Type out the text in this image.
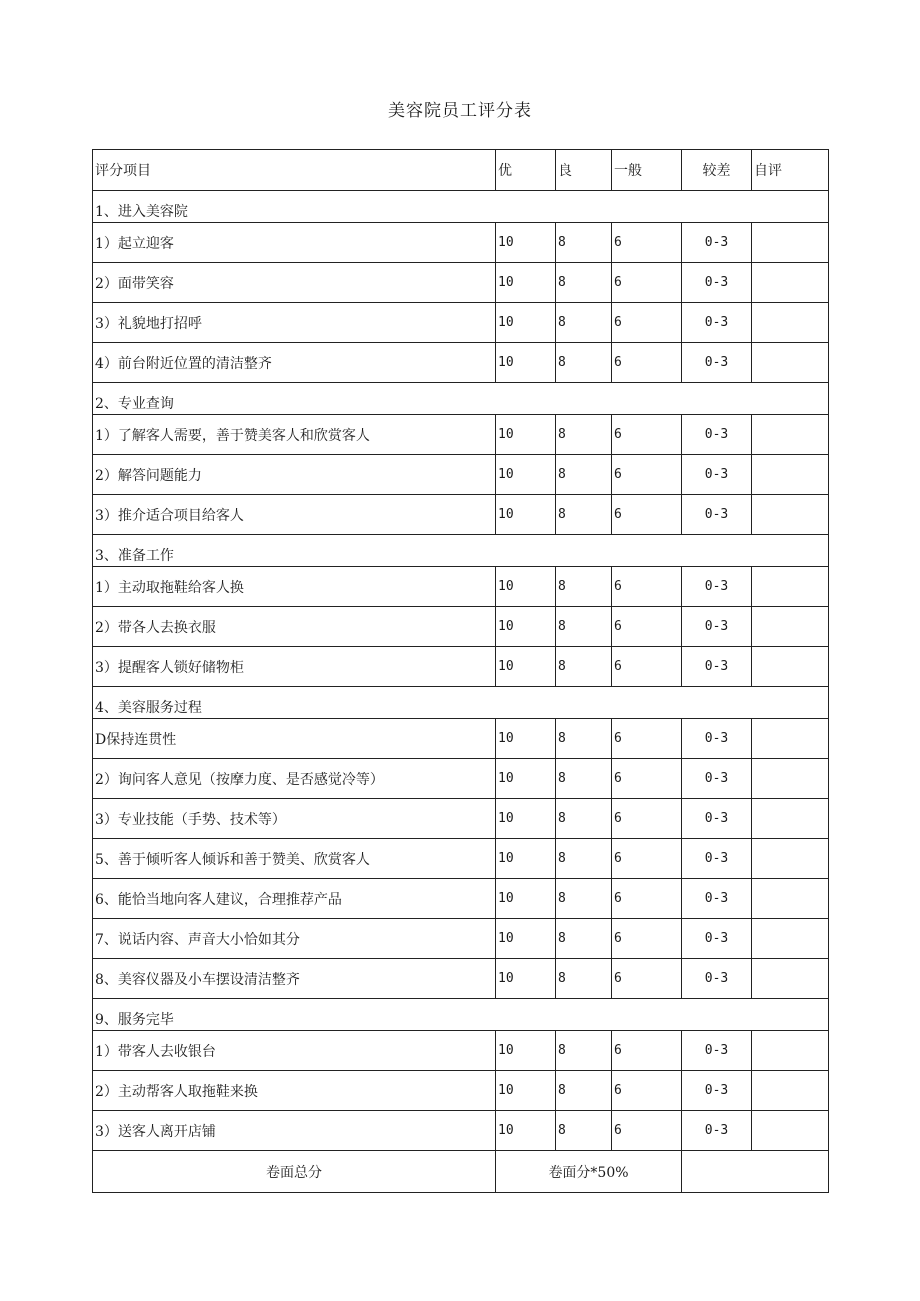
美容院员工评分表
评分项目	优	良	一般	较差	自评
1、进入美容院					
1）起立迎客	10	8	6	0-3	
2）面带笑容	10	8	6	0-3	
3）礼貌地打招呼	10	8	6	0-3	
4）前台附近位置的清洁整齐	10	8	6	0-3	
2、专业查询					
1）了解客人需要，善于赞美客人和欣赏客人	10	8	6	0-3	
2）解答问题能力	10	8	6	0-3	
3）推介适合项目给客人	10	8	6	0-3	
3、准备工作					
1）主动取拖鞋给客人换	10	8	6	0-3	
2）带各人去换衣服	10	8	6	0-3	
3）提醒客人锁好储物柜	10	8	6	0-3	
4、美容服务过程					
D保持连贯性	10	8	6	0-3	
2）询问客人意见（按摩力度、是否感觉冷等）	10	8	6	0-3	
3）专业技能（手势、技术等）	10	8	6	0-3	
5、善于倾听客人倾诉和善于赞美、欣赏客人	10	8	6	0-3	
6、能恰当地向客人建议，合理推荐产品	10	8	6	0-3	
7、说话内容、声音大小恰如其分	10	8	6	0-3	
8、美容仪器及小车摆设清洁整齐	10	8	6	0-3	
9、服务完毕					
1）带客人去收银台	10	8	6	0-3	
2）主动帮客人取拖鞋来换	10	8	6	0-3	
3）送客人离开店铺	10	8	6	0-3	
卷面总分	卷面分*50%				
